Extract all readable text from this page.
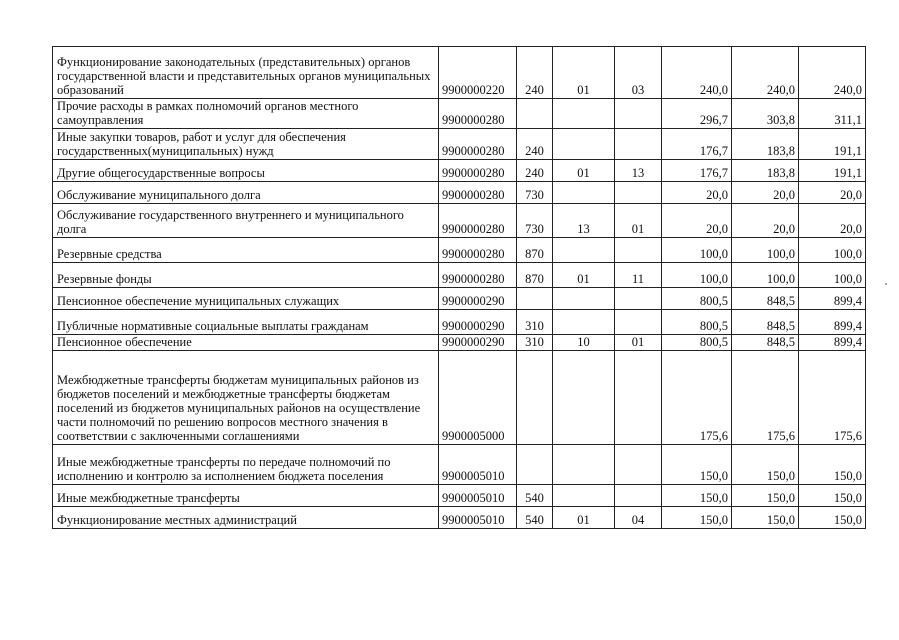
Функционирование законодательных (представительных) органов государственной власти и представительных органов муниципальных образований	9900000220	240	01	03	240,0	240,0	240,0
Прочие расходы в рамках полномочий органов местного самоуправления	9900000280				296,7	303,8	311,1
Иные закупки товаров, работ и услуг для обеспечения государственных(муниципальных) нужд	9900000280	240			176,7	183,8	191,1
Другие общегосударственные вопросы	9900000280	240	01	13	176,7	183,8	191,1
Обслуживание муниципального долга	9900000280	730			20,0	20,0	20,0
Обслуживание государственного внутреннего и муниципального долга	9900000280	730	13	01	20,0	20,0	20,0
Резервные средства	9900000280	870			100,0	100,0	100,0
Резервные фонды	9900000280	870	01	11	100,0	100,0	100,0
Пенсионное обеспечение муниципальных служащих	9900000290				800,5	848,5	899,4
Публичные нормативные социальные выплаты гражданам	9900000290	310			800,5	848,5	899,4
Пенсионное обеспечение	9900000290	310	10	01	800,5	848,5	899,4
Межбюджетные трансферты бюджетам муниципальных районов из бюджетов поселений и межбюджетные трансферты бюджетам поселений из бюджетов муниципальных районов на осуществление части полномочий по решению вопросов местного значения в соответствии с заключенными соглашениями	9900005000				175,6	175,6	175,6
Иные межбюджетные трансферты по передаче полномочий по исполнению и контролю за исполнением бюджета поселения	9900005010				150,0	150,0	150,0
Иные межбюджетные трансферты	9900005010	540			150,0	150,0	150,0
Функционирование местных администраций	9900005010	540	01	04	150,0	150,0	150,0
